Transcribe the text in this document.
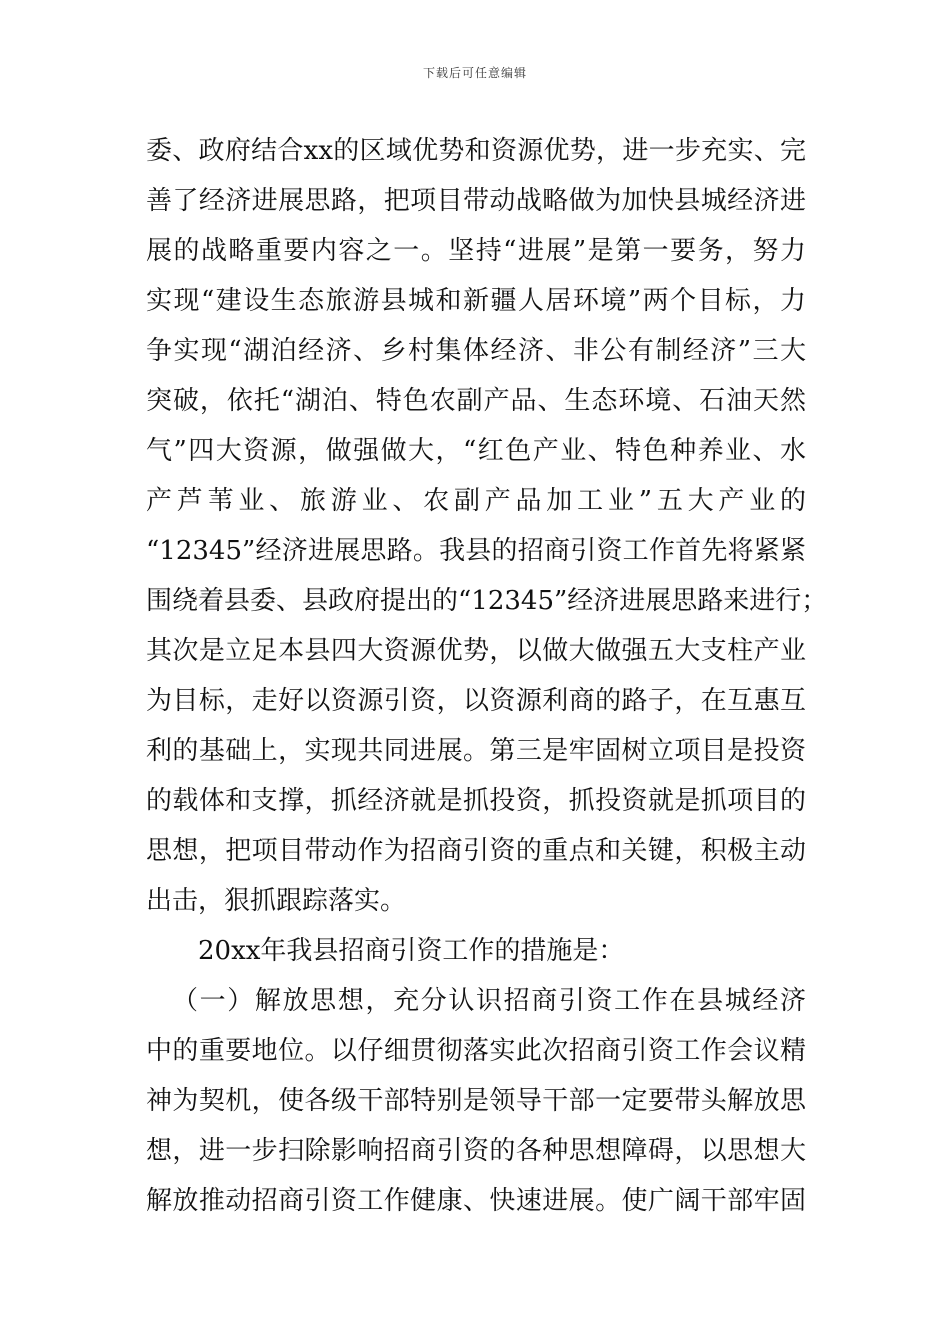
下载后可任意编辑
委、政府结合xx的区域优势和资源优势，进一步充实、完
善了经济进展思路，把项目带动战略做为加快县城经济进
展的战略重要内容之一。坚持“进展”是第一要务，努力
实现“建设生态旅游县城和新疆人居环境”两个目标，力
争实现“湖泊经济、乡村集体经济、非公有制经济”三大
突破，依托“湖泊、特色农副产品、生态环境、石油天然
气”四大资源，做强做大，“红色产业、特色种养业、水
产芦苇业、旅游业、农副产品加工业”五大产业的
“12345”经济进展思路。我县的招商引资工作首先将紧紧
围绕着县委、县政府提出的“12345”经济进展思路来进行；
其次是立足本县四大资源优势，以做大做强五大支柱产业
为目标，走好以资源引资，以资源利商的路子，在互惠互
利的基础上，实现共同进展。第三是牢固树立项目是投资
的载体和支撑，抓经济就是抓投资，抓投资就是抓项目的
思想，把项目带动作为招商引资的重点和关键，积极主动
出击，狠抓跟踪落实。
20xx年我县招商引资工作的措施是：
（一）解放思想，充分认识招商引资工作在县城经济
中的重要地位。以仔细贯彻落实此次招商引资工作会议精
神为契机，使各级干部特别是领导干部一定要带头解放思
想，进一步扫除影响招商引资的各种思想障碍，以思想大
解放推动招商引资工作健康、快速进展。使广阔干部牢固
